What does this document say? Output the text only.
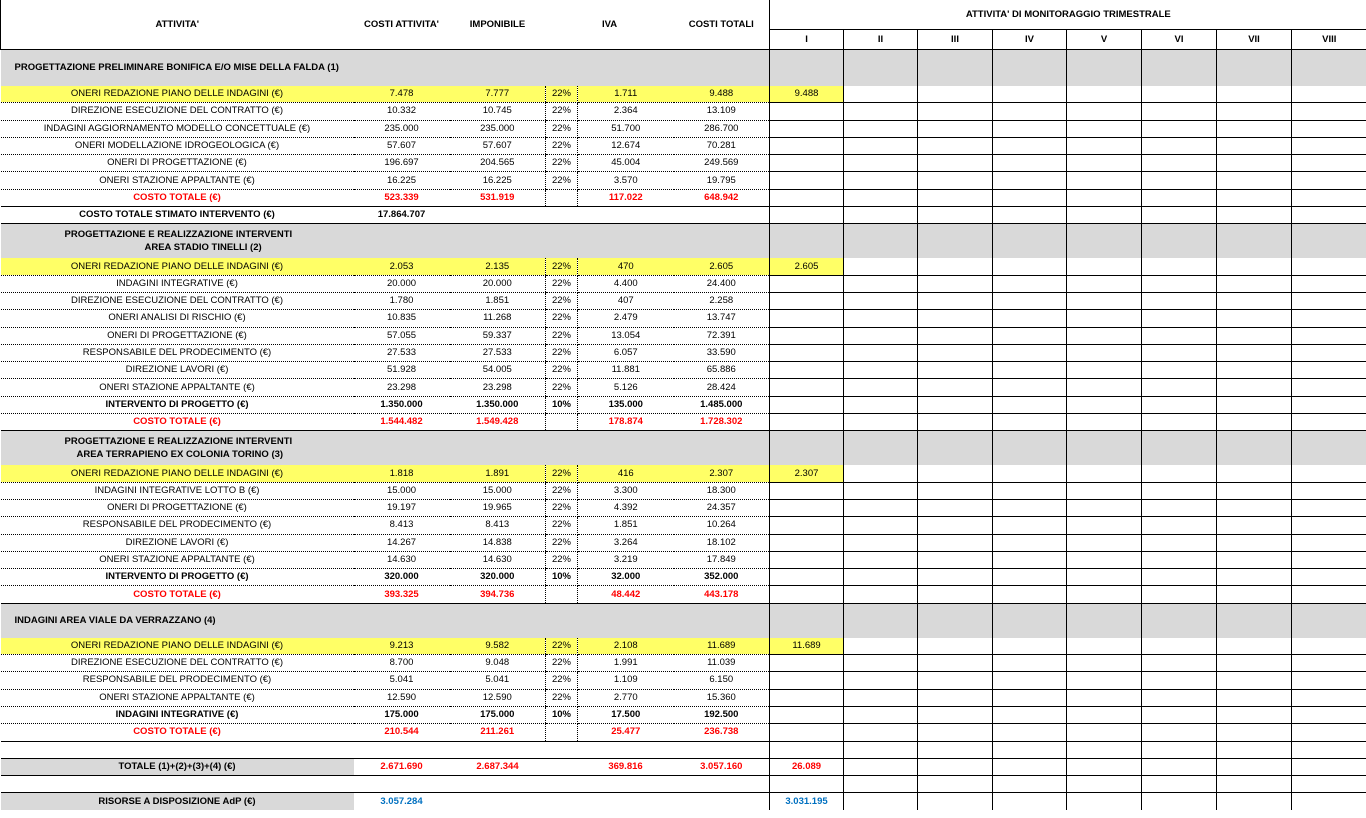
ATTIVITA'	COSTI ATTIVITA'	IMPONIBILE	IVA		COSTI TOTALI	ATTIVITA' DI MONITORAGGIO TRIMESTRALE							
						I	II	III	IV	V	VI	VII	VIII
PROGETTAZIONE PRELIMINARE BONIFICA E/O MISE DELLA FALDA (1)													
ONERI REDAZIONE PIANO DELLE INDAGINI (€)	7.478	7.777	22%	1.711	9.488	9.488							
DIREZIONE ESECUZIONE DEL CONTRATTO (€)	10.332	10.745	22%	2.364	13.109								
INDAGINI AGGIORNAMENTO MODELLO CONCETTUALE (€)	235.000	235.000	22%	51.700	286.700								
ONERI MODELLAZIONE IDROGEOLOGICA (€)	57.607	57.607	22%	12.674	70.281								
ONERI DI PROGETTAZIONE (€)	196.697	204.565	22%	45.004	249.569								
ONERI STAZIONE APPALTANTE (€)	16.225	16.225	22%	3.570	19.795								
COSTO TOTALE (€)	523.339	531.919		117.022	648.942								
COSTO TOTALE STIMATO INTERVENTO (€)	17.864.707												

PROGETTAZIONE E REALIZZAZIONE INTERVENTI
AREA STADIO TINELLI (2)													

ONERI REDAZIONE PIANO DELLE INDAGINI (€)	2.053	2.135	22%	470	2.605	2.605							
INDAGINI INTEGRATIVE (€)	20.000	20.000	22%	4.400	24.400								
DIREZIONE ESECUZIONE DEL CONTRATTO (€)	1.780	1.851	22%	407	2.258								
ONERI ANALISI DI RISCHIO (€)	10.835	11.268	22%	2.479	13.747								
ONERI DI PROGETTAZIONE (€)	57.055	59.337	22%	13.054	72.391								
RESPONSABILE DEL PRODECIMENTO (€)	27.533	27.533	22%	6.057	33.590								
DIREZIONE LAVORI (€)	51.928	54.005	22%	11.881	65.886								
ONERI STAZIONE APPALTANTE (€)	23.298	23.298	22%	5.126	28.424								
INTERVENTO DI PROGETTO (€)	1.350.000	1.350.000	10%	135.000	1.485.000								
COSTO TOTALE (€)	1.544.482	1.549.428		178.874	1.728.302								

PROGETTAZIONE E REALIZZAZIONE INTERVENTI
AREA TERRAPIENO EX COLONIA TORINO (3)													

ONERI REDAZIONE PIANO DELLE INDAGINI (€)	1.818	1.891	22%	416	2.307	2.307							
INDAGINI INTEGRATIVE LOTTO B (€)	15.000	15.000	22%	3.300	18.300								
ONERI DI PROGETTAZIONE (€)	19.197	19.965	22%	4.392	24.357								
RESPONSABILE DEL PRODECIMENTO (€)	8.413	8.413	22%	1.851	10.264								
DIREZIONE LAVORI (€)	14.267	14.838	22%	3.264	18.102								
ONERI STAZIONE APPALTANTE (€)	14.630	14.630	22%	3.219	17.849								
INTERVENTO DI PROGETTO (€)	320.000	320.000	10%	32.000	352.000								
COSTO TOTALE (€)	393.325	394.736		48.442	443.178								
INDAGINI AREA VIALE DA VERRAZZANO (4)													
ONERI REDAZIONE PIANO DELLE INDAGINI (€)	9.213	9.582	22%	2.108	11.689	11.689							
DIREZIONE ESECUZIONE DEL CONTRATTO (€)	8.700	9.048	22%	1.991	11.039								
RESPONSABILE DEL PRODECIMENTO (€)	5.041	5.041	22%	1.109	6.150								
ONERI STAZIONE APPALTANTE (€)	12.590	12.590	22%	2.770	15.360								
INDAGINI INTEGRATIVE (€)	175.000	175.000	10%	17.500	192.500								
COSTO TOTALE (€)	210.544	211.261		25.477	236.738								

TOTALE (1)+(2)+(3)+(4) (€)	2.671.690	2.687.344		369.816	3.057.160	26.089							

RISORSE A DISPOSIZIONE AdP (€)	3.057.284					3.031.195							
